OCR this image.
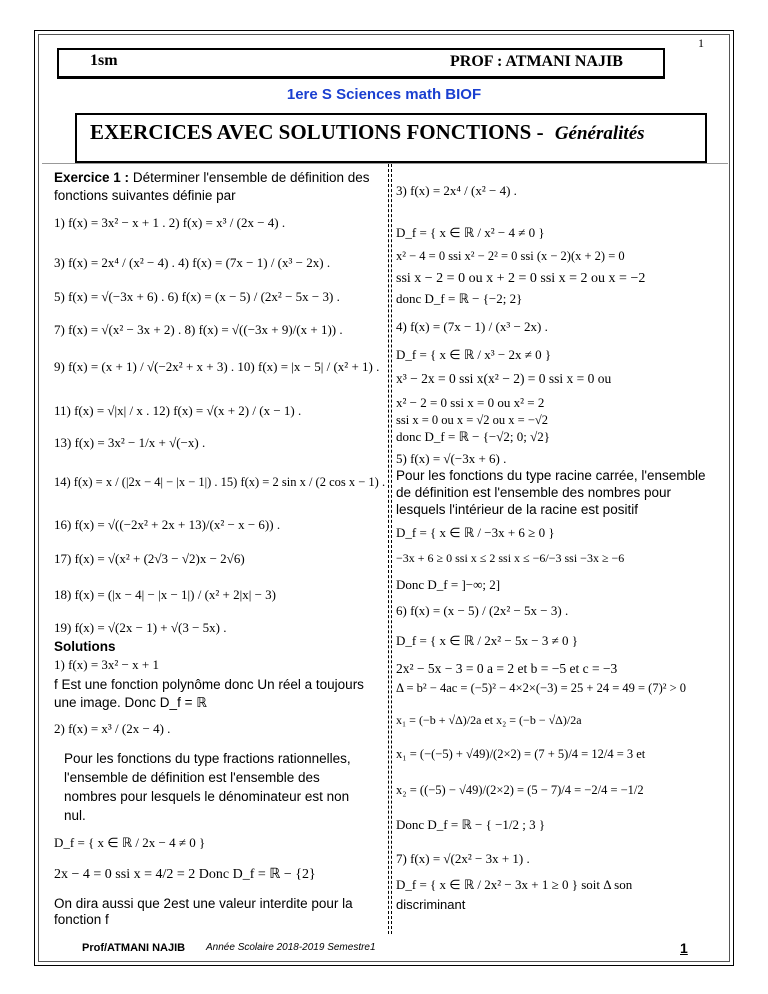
1
1sm	PROF : ATMANI NAJIB
1ere S Sciences math BIOF
EXERCICES AVEC SOLUTIONS FONCTIONS - Généralités
Exercice 1 : Déterminer l'ensemble de définition des fonctions suivantes définie par
1) f(x) = 3x² − x + 1 . 2) f(x) = x³ / (2x − 4) .
3) f(x) = 2x⁴ / (x² − 4) . 4) f(x) = (7x − 1) / (x³ − 2x) .
5) f(x) = √(−3x + 6) . 6) f(x) = (x − 5) / (2x² − 5x − 3) .
7) f(x) = √(x² − 3x + 2) . 8) f(x) = √((−3x + 9)/(x + 1)) .
9) f(x) = (x + 1) / √(−2x² + x + 3) . 10) f(x) = |x − 5| / (x² + 1) .
11) f(x) = √|x| / x . 12) f(x) = √(x + 2) / (x − 1) .
13) f(x) = 3x² − 1/x + √(−x) .
14) f(x) = x / (|2x − 4| − |x − 1|) . 15) f(x) = 2 sin x / (2 cos x − 1) .
16) f(x) = √((−2x² + 2x + 13)/(x² − x − 6)) .
17) f(x) = √(x² + (2√3 − √2)x − 2√6)
18) f(x) = (|x − 4| − |x − 1|) / (x² + 2|x| − 3)
19) f(x) = √(2x − 1) + √(3 − 5x) .
Solutions
1) f(x) = 3x² − x + 1
f Est une fonction polynôme donc Un réel a toujours une image. Donc D_f = ℝ
2) f(x) = x³ / (2x − 4) .
Pour les fonctions du type fractions rationnelles, l'ensemble de définition est l'ensemble des nombres pour lesquels le dénominateur est non nul.
D_f = { x ∈ ℝ / 2x − 4 ≠ 0 }
2x − 4 = 0 ssi x = 4/2 = 2 Donc D_f = ℝ − {2}
On dira aussi que 2est une valeur interdite pour la fonction f
3) f(x) = 2x⁴ / (x² − 4) .
D_f = { x ∈ ℝ / x² − 4 ≠ 0 }
x² − 4 = 0 ssi x² − 2² = 0 ssi (x − 2)(x + 2) = 0
ssi x − 2 = 0 ou x + 2 = 0 ssi x = 2 ou x = −2
donc D_f = ℝ − {−2; 2}
4) f(x) = (7x − 1) / (x³ − 2x) .
D_f = { x ∈ ℝ / x³ − 2x ≠ 0 }
x³ − 2x = 0 ssi x(x² − 2) = 0 ssi x = 0 ou
x² − 2 = 0 ssi x = 0 ou x² = 2
ssi x = 0 ou x = √2 ou x = −√2
donc D_f = ℝ − {−√2; 0; √2}
5) f(x) = √(−3x + 6) .
Pour les fonctions du type racine carrée, l'ensemble de définition est l'ensemble des nombres pour lesquels l'intérieur de la racine est positif
D_f = { x ∈ ℝ / −3x + 6 ≥ 0 }
−3x + 6 ≥ 0 ssi x ≤ 2 ssi x ≤ −6/−3 ssi −3x ≥ −6
Donc D_f = ]−∞; 2]
6) f(x) = (x − 5) / (2x² − 5x − 3) .
D_f = { x ∈ ℝ / 2x² − 5x − 3 ≠ 0 }
2x² − 5x − 3 = 0 a = 2 et b = −5 et c = −3
Δ = b² − 4ac = (−5)² − 4×2×(−3) = 25 + 24 = 49 = (7)² > 0
x₁ = (−b + √Δ)/2a et x₂ = (−b − √Δ)/2a
x₁ = (−(−5) + √49)/(2×2) = (7 + 5)/4 = 12/4 = 3 et
x₂ = ((−5) − √49)/(2×2) = (5 − 7)/4 = −2/4 = −1/2
Donc D_f = ℝ − { −1/2 ; 3 }
7) f(x) = √(2x² − 3x + 1) .
D_f = { x ∈ ℝ / 2x² − 3x + 1 ≥ 0 } soit Δ son
discriminant
Prof/ATMANI NAJIB Année Scolaire 2018-2019 Semestre1	1
